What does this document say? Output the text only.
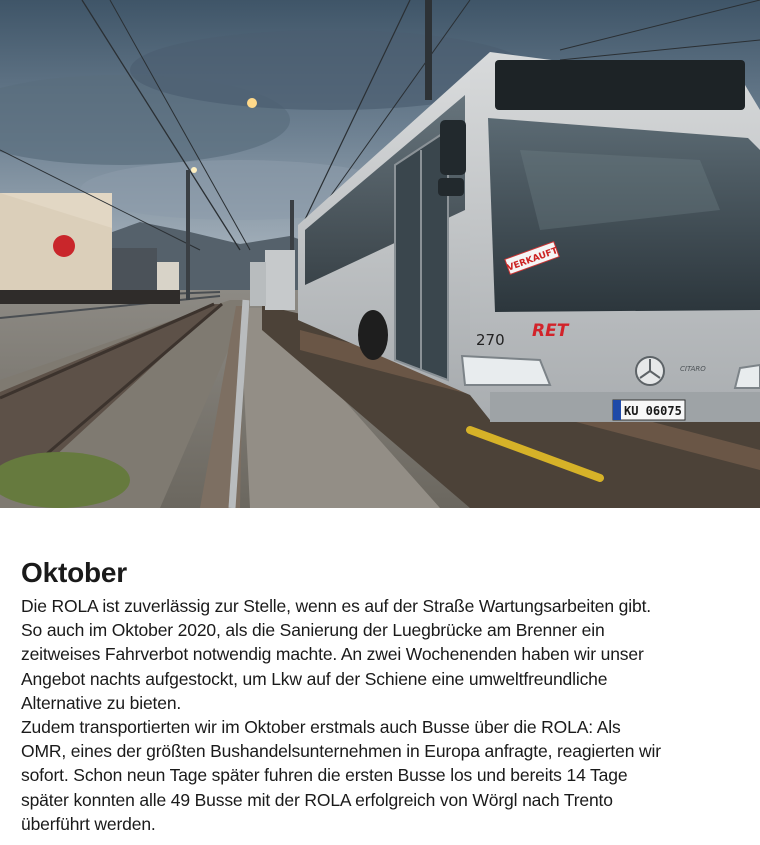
VERKAUFT
270 RET
CITARO
KU 06075
Oktober

Die ROLA ist zuverlässig zur Stelle, wenn es auf der Straße Wartungsarbeiten gibt.
So auch im Oktober 2020, als die Sanierung der Luegbrücke am Brenner ein
zeitweises Fahrverbot notwendig machte. An zwei Wochenenden haben wir unser
Angebot nachts aufgestockt, um Lkw auf der Schiene eine umweltfreundliche
Alternative zu bieten.

Zudem transportierten wir im Oktober erstmals auch Busse über die ROLA: Als
OMR, eines der größten Bushandelsunternehmen in Europa anfragte, reagierten wir
sofort. Schon neun Tage später fuhren die ersten Busse los und bereits 14 Tage
später konnten alle 49 Busse mit der ROLA erfolgreich von Wörgl nach Trento
überführt werden.
